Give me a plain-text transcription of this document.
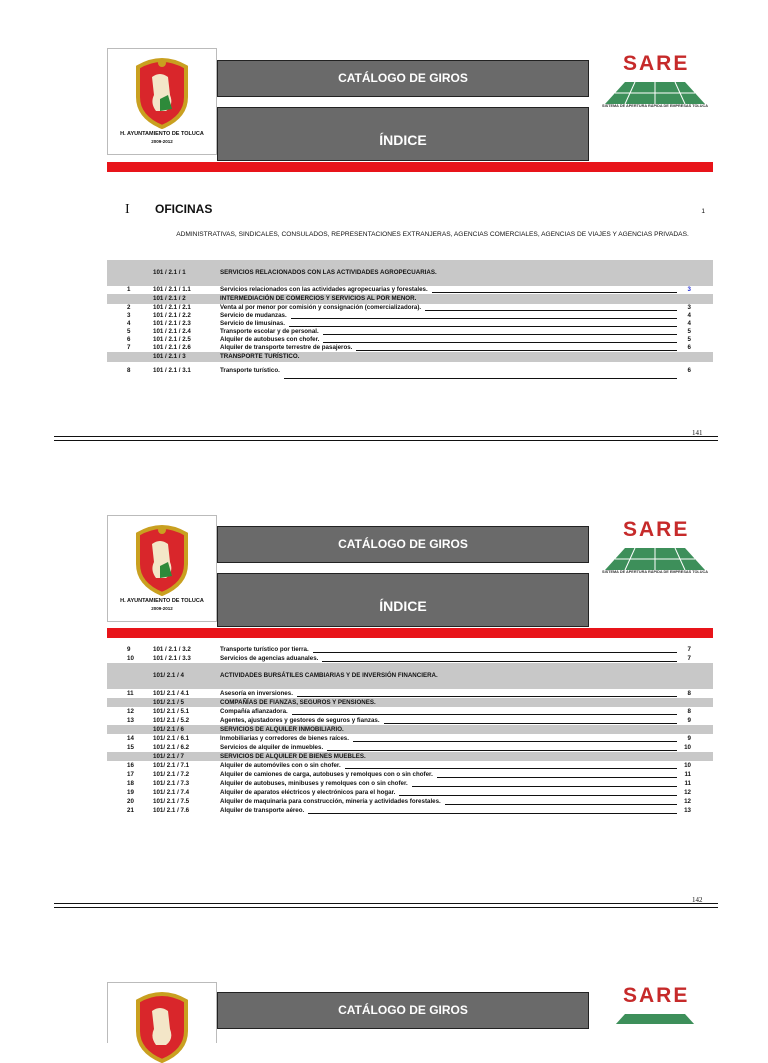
H. AYUNTAMIENTO DE TOLUCA
2009-2012
CATÁLOGO DE GIROS
ÍNDICE
SARE
SISTEMA DE APERTURA RÁPIDA DE EMPRESAS TOLUCA
I OFICINAS	1
ADMINISTRATIVAS, SINDICALES, CONSULADOS, REPRESENTACIONES EXTRANJERAS, AGENCIAS COMERCIALES, AGENCIAS DE VIAJES Y AGENCIAS PRIVADAS.
101 / 2.1 / 1	SERVICIOS RELACIONADOS CON LAS ACTIVIDADES AGROPECUARIAS.
1	101 / 2.1 / 1.1	Servicios relacionados con las actividades agropecuarias y forestales.	3
101 / 2.1 / 2	INTERMEDIACIÓN DE COMERCIOS Y SERVICIOS AL POR MENOR.
2	101 / 2.1 / 2.1	Venta al por menor por comisión y consignación (comercializadora).	3
3	101 / 2.1 / 2.2	Servicio de mudanzas.	4
4	101 / 2.1 / 2.3	Servicio de limusinas.	4
5	101 / 2.1 / 2.4	Transporte escolar y de personal.	5
6	101 / 2.1 / 2.5	Alquiler de autobuses con chofer.	5
7	101 / 2.1 / 2.6	Alquiler de transporte terrestre de pasajeros.	6
101 / 2.1 / 3	TRANSPORTE TURÍSTICO.
8	101 / 2.1 / 3.1	Transporte turístico.	6
141
H. AYUNTAMIENTO DE TOLUCA
2009-2012
CATÁLOGO DE GIROS
ÍNDICE
SARE
SISTEMA DE APERTURA RÁPIDA DE EMPRESAS TOLUCA
9	101 / 2.1 / 3.2	Transporte turístico por tierra.	7
10	101 / 2.1 / 3.3	Servicios de agencias aduanales.	7
101/ 2.1 / 4	ACTIVIDADES BURSÁTILES CAMBIARIAS Y DE INVERSIÓN FINANCIERA.
11	101/ 2.1 / 4.1	Asesoría en inversiones.	8
101/ 2.1 / 5	COMPAÑÍAS DE FIANZAS, SEGUROS Y PENSIONES.
12	101/ 2.1 / 5.1	Compañía afianzadora.	8
13	101/ 2.1 / 5.2	Agentes, ajustadores y gestores de seguros y fianzas.	9
101/ 2.1 / 6	SERVICIOS DE ALQUILER INMOBILIARIO.
14	101/ 2.1 / 6.1	Inmobiliarias y corredores de bienes raíces.	9
15	101/ 2.1 / 6.2	Servicios de alquiler de inmuebles.	10
101/ 2.1 / 7	SERVICIOS DE ALQUILER DE BIENES MUEBLES.
16	101/ 2.1 / 7.1	Alquiler de automóviles con o sin chofer.	10
17	101/ 2.1 / 7.2	Alquiler de camiones de carga, autobuses y remolques con o sin chofer.	11
18	101/ 2.1 / 7.3	Alquiler de autobuses, minibuses y remolques con o sin chofer.	11
19	101/ 2.1 / 7.4	Alquiler de aparatos eléctricos y electrónicos para el hogar.	12
20	101/ 2.1 / 7.5	Alquiler de maquinaria para construcción, minería y actividades forestales.	12
21	101/ 2.1 / 7.6	Alquiler de transporte aéreo.	13
142
CATÁLOGO DE GIROS
SARE
